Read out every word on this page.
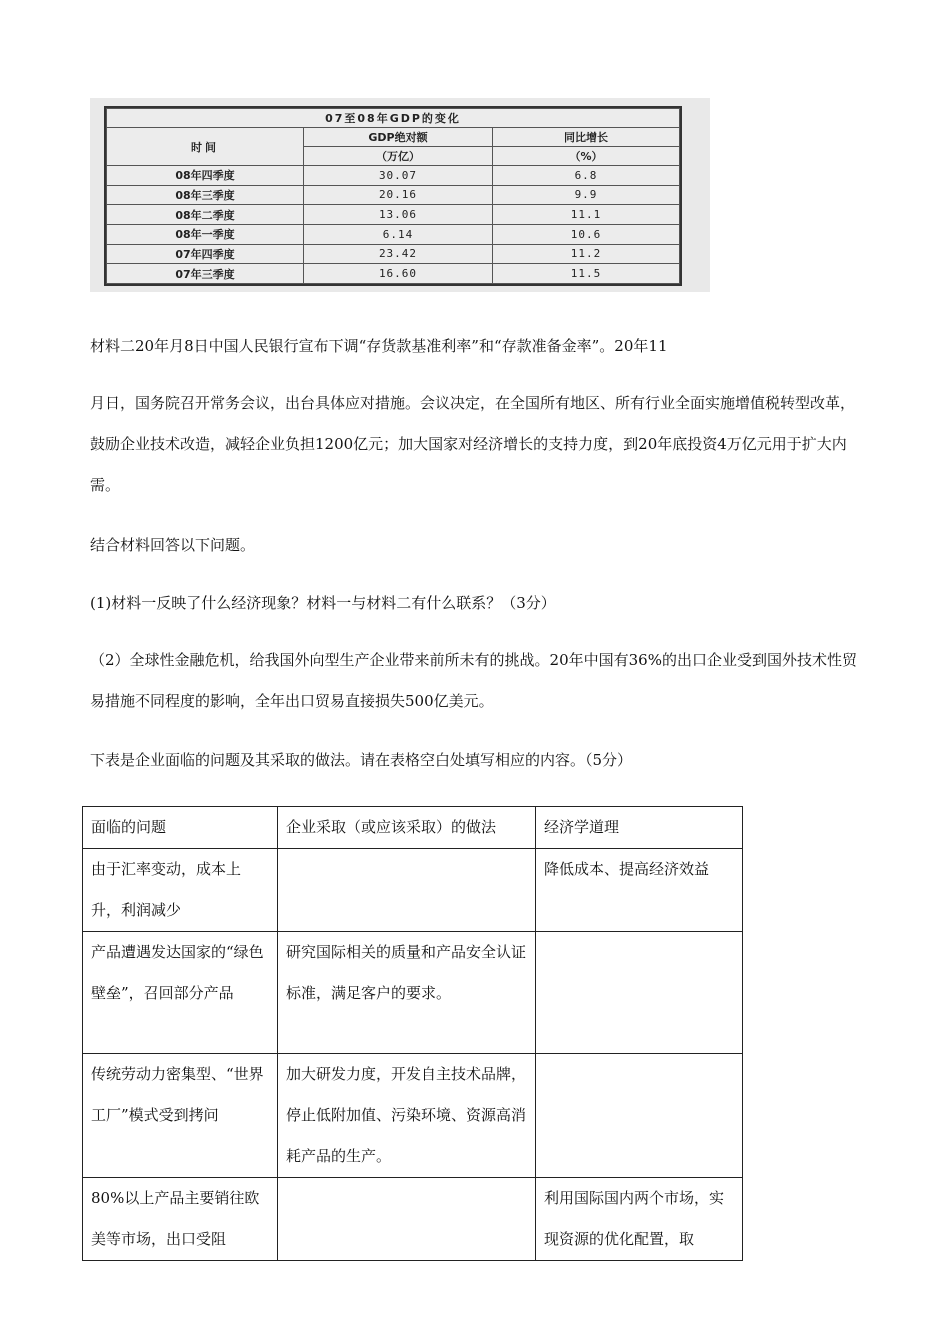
07至08年GDP的变化		
时间	GDP绝对额	同比增长
	（万亿）	（%）
08年四季度	30.07	6.8
08年三季度	20.16	9.9
08年二季度	13.06	11.1
08年一季度	6.14	10.6
07年四季度	23.42	11.2
07年三季度	16.60	11.5

材料二20年月8日中国人民银行宣布下调“存货款基准利率”和“存款准备金率”。20年11

月日，国务院召开常务会议，出台具体应对措施。会议决定，在全国所有地区、所有行业全面实施增值税转型改革，鼓励企业技术改造，减轻企业负担1200亿元；加大国家对经济增长的支持力度，到20年底投资4万亿元用于扩大内需。

结合材料回答以下问题。

(1)材料一反映了什么经济现象？材料一与材料二有什么联系？（3分）

（2）全球性金融危机，给我国外向型生产企业带来前所未有的挑战。20年中国有36%的出口企业受到国外技术性贸易措施不同程度的影响，全年出口贸易直接损失500亿美元。

下表是企业面临的问题及其采取的做法。请在表格空白处填写相应的内容。（5分）

面临的问题	企业采取（或应该采取）的做法	经济学道理
由于汇率变动，成本上升，利润减少		降低成本、提高经济效益
产品遭遇发达国家的“绿色壁垒”，召回部分产品	研究国际相关的质量和产品安全认证标准，满足客户的要求。	
传统劳动力密集型、“世界工厂”模式受到拷问	加大研发力度，开发自主技术品牌，停止低附加值、污染环境、资源高消耗产品的生产。	
80%以上产品主要销往欧美等市场，出口受阻		利用国际国内两个市场，实现资源的优化配置，取
